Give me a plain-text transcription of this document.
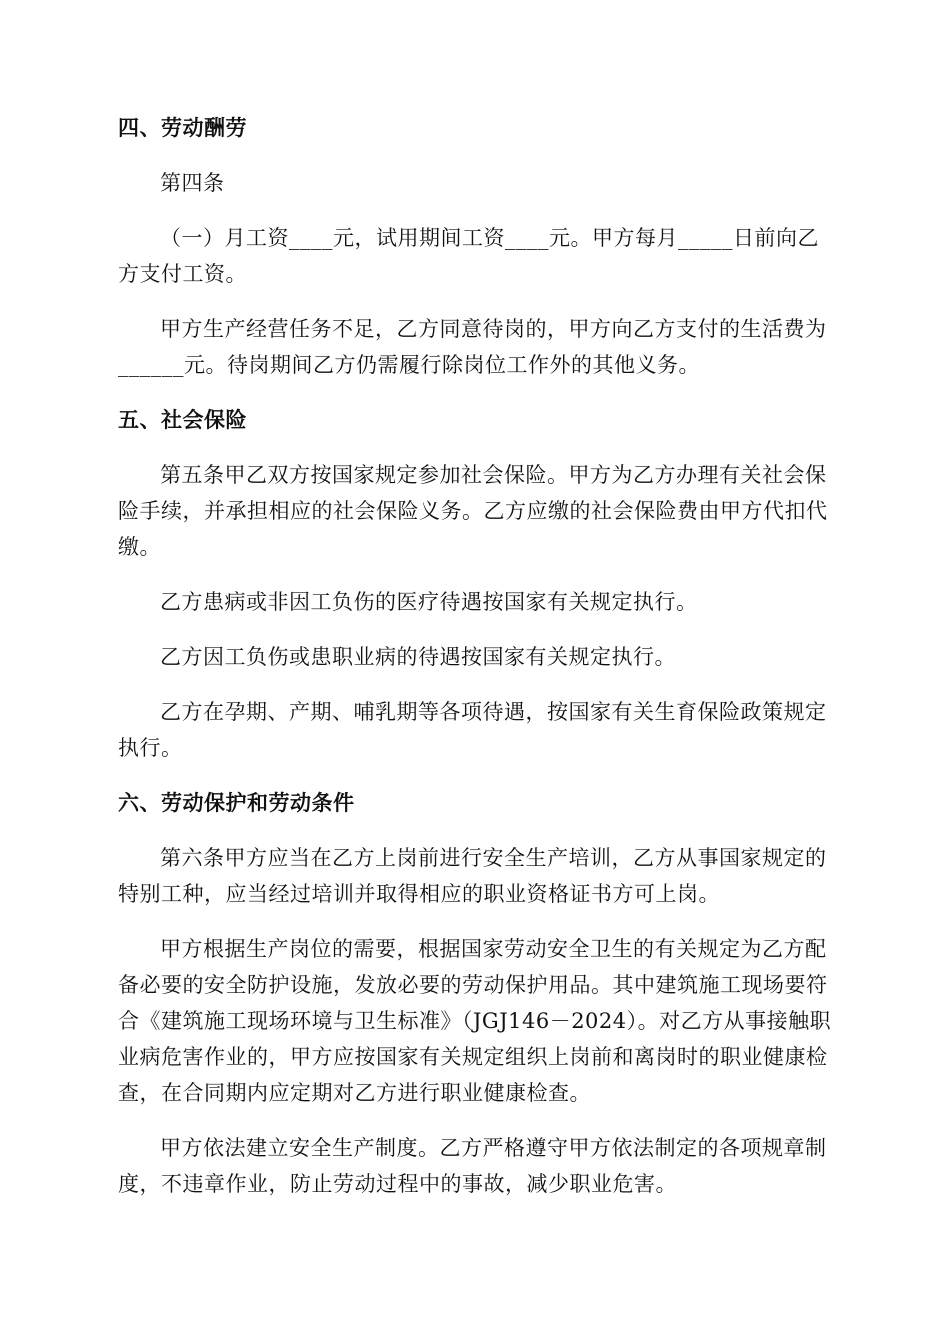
四、劳动酬劳
第四条
（一）月工资____元，试用期间工资____元。甲方每月_____日前向乙方支付工资。
甲方生产经营任务不足，乙方同意待岗的，甲方向乙方支付的生活费为______元。待岗期间乙方仍需履行除岗位工作外的其他义务。
五、社会保险
第五条甲乙双方按国家规定参加社会保险。甲方为乙方办理有关社会保险手续，并承担相应的社会保险义务。乙方应缴的社会保险费由甲方代扣代缴。
乙方患病或非因工负伤的医疗待遇按国家有关规定执行。
乙方因工负伤或患职业病的待遇按国家有关规定执行。
乙方在孕期、产期、哺乳期等各项待遇，按国家有关生育保险政策规定执行。
六、劳动保护和劳动条件
第六条甲方应当在乙方上岗前进行安全生产培训，乙方从事国家规定的特别工种，应当经过培训并取得相应的职业资格证书方可上岗。
甲方根据生产岗位的需要，根据国家劳动安全卫生的有关规定为乙方配备必要的安全防护设施，发放必要的劳动保护用品。其中建筑施工现场要符合《建筑施工现场环境与卫生标准》（JGJ146－2024）。对乙方从事接触职业病危害作业的，甲方应按国家有关规定组织上岗前和离岗时的职业健康检查，在合同期内应定期对乙方进行职业健康检查。
甲方依法建立安全生产制度。乙方严格遵守甲方依法制定的各项规章制度，不违章作业，防止劳动过程中的事故，减少职业危害。
